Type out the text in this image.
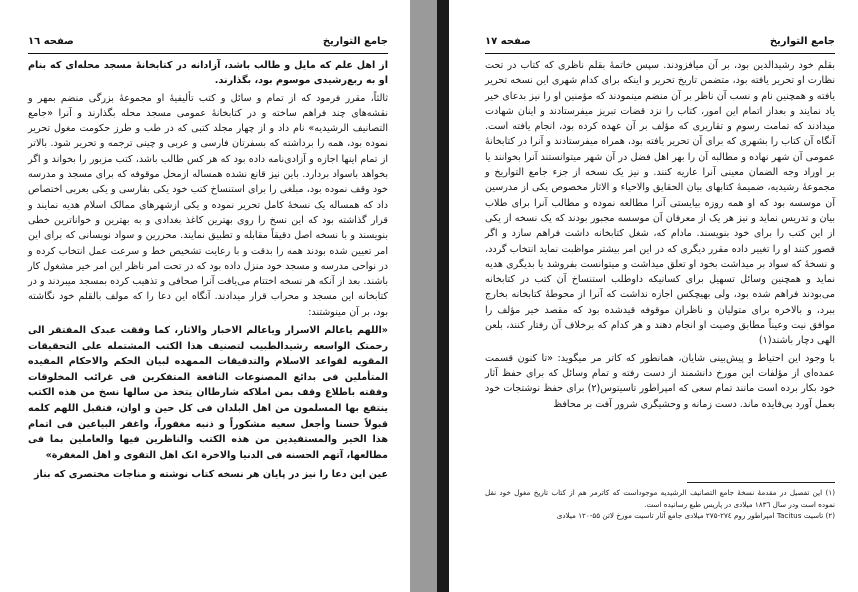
جامع التواريخ
صفحه ۱٦

از اهل علم که مایل و طالب باشد، آزادانه در کتابخانۀ مسجد محله‌ای که بنام او به ربع‌رشیدی موسوم بود، بگذارند.

ثالثاً، مقرر فرمود که از تمام و سائل و کتب تألیفیۀ او مجموعۀ بزرگی منضم بمهر و نقشه‌های چند فراهم ساخته و در کتابخانۀ عمومی مسجد محله بگذارند و آنرا «جامع التصانیف الرشیدیه» نام داد و از چهار مجلد کتبی که در طب و طرز حکومت مغول تحریر نموده بود، همه را برداشته که بسفرتان فارسی و عربی و چینی ترجمه و تحریر شود. بالاتر از تمام اینها اجازه و آزادی‌نامه داده بود که هر کس طالب باشد، کتب مزبور را بخواند و اگر بخواهد باسواد بردارد. باین نیز قانع نشده همساله ازمحل موقوفه که برای مسجد و مدرسه خود وقف نموده بود، مبلغی را برای استنساخ کتب خود یکی بفارسی و یکی بعربی اختصاص داد که همساله یک نسخۀ کامل تحریر نموده و یکی ازشهرهای ممالک اسلام هدیه نمایند و قرار گذاشته بود که این نسخ را روی بهترین کاغذ بغدادی و به بهترین و خواناترین خطی بنویسند و با نسخه اصل دقیقاً مقابله و تطبیق نمایند. محررین و سواد نویسانی که برای این امر تعیین شده بودند همه را بدقت و با رعایت تشخیص خط و سرعت عمل انتخاب کرده و در نواحی مدرسه و مسجد خود منزل داده بود که در تحت امر ناظر این امر خیر مشغول کار باشند. بعد از آنکه هر نسخه اختتام می‌یافت آنرا صحافی و تذهیب کرده بمسجد میبردند و در کتابخانه این مسجد و محراب قرار میدادند. آنگاه این دعا را که مولف بالقلم خود نگاشته بود، بر آن مینوشتند:

«اللهم یاعالم الاسرار ویاعالم الاخبار والاثار، کما وفقت عبدک المفتقر الی رحمتک الواسعه رشیدالطبیب لتصنیف هذا الکتب المشتمله علی التحقیقات المقویه لقواعد الاسلام والتدقیقات الممهده لبیان الحکم والاحکام المفیده المتأملین فی بدائع المصنوعات النافعة المتفکرین فی غرائب المخلوقات وفقته باطلاع وقف بمن املاکه شارطاان یتخذ من سالها نسخ من هذه الکتب ینتفع بها المسلمون من اهل البلدان فی کل حین و اوان، فتقبل اللهم کلمه قبولاً حسنا وأجعل سعیه مشکوراً و ذنبه مغفوراً، واغفر البیاعین فی اتمام هذا الخیر والمستفیدین من هذه الکتب والناظرین فیها والعاملین بما فی مطالعها، آتهم الحسنه فی الدنیا والاخرة انک اهل التقوی و اهل المغفرة»

عین این دعا را نیز در پایان هر نسخه کتاب نوشته و مناجات مختصری که بناز

جامع التواريخ
صفحه ۱۷

بقلم خود رشیدالدین بود، بر آن میافزودند. سپس خاتمۀ بقلم ناظری که کتاب در تحت نظارت او تحریر یافته بود، متضمن تاریخ تحریر و اینکه برای کدام شهری این نسخه تحریر یافته و همچنین نام و نسب آن ناظر بر آن منضم مینمودند که مؤمنین او را نیز بدعای خیر یاد نمایند و بعداز اتمام این امور، کتاب را نزد قضات تبریز میفرستادند و اینان شهادت میدادند که تمامت رسوم و تقاریری که مؤلف بر آن عهده کرده بود، انجام یافته است. آنگاه آن کتاب را بشهری که برای آن تحریر یافته بود، همراه میفرستادند و آنرا در کتابخانۀ عمومی آن شهر نهاده و مطالبه آن را بهر اهل فضل در آن شهر میتوانستند آنرا بخوانند یا بر اوراد وجه الضمان معینی آنرا عاریه کنند. و نیز یک نسخه از جزء جامع التواریخ و مجموعۀ رشیدیه، ضمیمۀ کتابهای بیان الحقایق والاحیاء و الاثار مخصوص یکی از مدرسین آن موسسه بود که او همه روزه بیایستی آنرا مطالعه نموده و مطالب آنرا برای طلاب بیان و تدریس نماید و نیز هر یک از معرفان آن موسسه مجبور بودند که یک نسخه از یکی از این کتب را برای خود بنویسند. مادام که، شغل کتابخانه داشت فراهم سازد و اگر قصور کنند او را تغییر داده مقرر دیگری که در این امر بیشتر مواظبت نماید انتخاب گردد، و نسخۀ که سواد بر میداشت بخود او تعلق میداشت و میتوانست بفروشد یا بدیگری هدیه نماید و همچنین وسائل تسهیل برای کسانیکه داوطلب استنساخ آن کتب در کتابخانه می‌بودند فراهم شده بود، ولی بهیچکس اجازه نداشت که آنرا از محوطۀ کتابخانه بخارج ببرد، و بالاخره برای متولیان و ناظران موقوفه قیدشده بود که مقصد خیر مؤلف را موافق نیت وعیناً مطابق وصیت او انجام دهند و هر کدام که برخلاف آن رفتار کنند، بلعن الهی دچار باشند(۱)

با وجود این احتیاط و پیش‌بینی شایان، همانطور که کاتر مر میگوید: «تا کنون قسمت عمده‌ای از مؤلفات این مورخ دانشمند از دست رفته و تمام وسائل که برای حفظ آثار خود بکار برده است مانند تمام سعی که امپراطور تاسیتوس(۲) برای حفظ نوشتجات خود بعمل آورد بی‌فایده ماند. دست زمانه و وحشیگری شرور آفت بر محافظ

(۱) این تفصیل در مقدمۀ نسخۀ جامع التصانیف الرشیدیه موجوداست که کاترمر هم از کتاب تاریخ مغول خود نقل نموده است ودر سال ۱۸۳٦ میلادی در پاریس طبع رسانیده است.

(۲) تاسیت Tacitus امپراطور روم ۲۷٤-۲۷۵ میلادی جامع آثار تاسیت مورخ لاتن ۵۵-۱۲۰ میلادی
